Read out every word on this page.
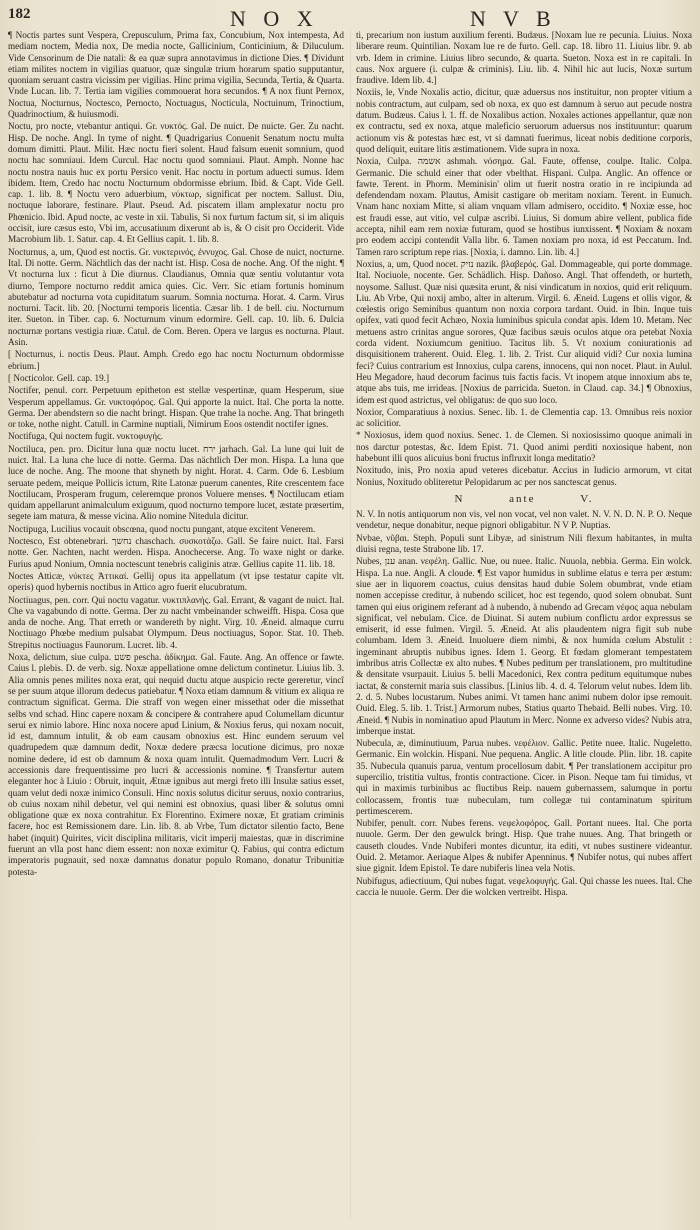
182	N O X	N V B

¶ Noctis partes sunt Vespera, Crepusculum, Prima fax, Concubium, Nox intempesta, Ad mediam noctem, Media nox, De media nocte, Gallicinium, Conticinium, & Diluculum. Vide Censorinum de Die natali: & ea quæ supra annotavimus in dictione Dies. ¶ Dividunt etiam milites noctem in vigilias quatuor, quæ singulæ trium horarum spatio supputantur, quoniam seruant castra vicissim per vigilias. Hinc prima vigilia, Secunda, Tertia, & Quarta. Vnde Lucan. lib. 7. Tertia iam vigilies commouerat hora secundos. ¶ A nox fiunt Pernox, Noctua, Nocturnus, Noctesco, Pernocto, Noctuagus, Nocticula, Noctuinum, Trinoctium, Quadrinoctium, & huiusmodi.

Noctu, pro nocte, vtebantur antiqui. Gr. νυκτός. Gal. De nuict. De nuicte. Ger. Zu nacht. Hisp. De noche. Angl. In tyme of night. ¶ Quadrigarius Conuenit Senatum noctu multa domum dimitti. Plaut. Milit. Hæc noctu fieri solent. Haud falsum euenit somnium, quod noctu hac somniaui. Idem Curcul. Hac noctu quod somniaui. Plaut. Amph. Nonne hac noctu nostra nauis huc ex portu Persico venit. Hac noctu in portum aduecti sumus. Idem ibidem. Item, Credo hac noctu Nocturnum obdormisse ebrium. Ibid. & Capt. Vide Gell. cap. 1. lib. 8. ¶ Noctu vero aduerbium, νύκτωρ, significat per noctem. Sallust. Diu, noctuque laborare, festinare. Plaut. Pseud. Ad. piscatem illam amplexatur noctu pro Phœnicio. Ibid. Apud nocte, ac veste in xii. Tabulis, Si nox furtum factum sit, si im aliquis occisit, iure cæsus esto, Vbi im, accusatiuum dixerunt ab is, & O cisit pro Occiderit. Vide Macrobium lib. 1. Satur. cap. 4. Et Gellius capit. 1. lib. 8.

Nocturnus, a, um, Quod est noctis. Gr. νυκτερινός, ἐννυχος. Gal. Chose de nuict, nocturne. Ital. Di notte. Germ. Nächtlich das der nacht ist. Hisp. Cosa de noche. Ang. Of the night. ¶ Vt nocturna lux : ficut à Die diurnus. Claudianus, Omnia quæ sentiu volutantur vota diurno, Tempore nocturno reddit amica quies. Cic. Verr. Sic etiam fortunis hominum abutebatur ad nocturna vota cupiditatum suarum. Somnia nocturna. Horat. 4. Carm. Virus nocturni. Tacit. lib. 20. [Nocturni temporis licentia. Cæsar lib. 1 de bell. ciu. Nocturnum iter. Sueton. in Tiber. cap. 6. Nocturnum vinum edormire. Gell. cap. 10. lib. 6. Dulcia nocturnæ portans vestigia riuæ. Catul. de Com. Beren. Opera ve largus es nocturna. Plaut. Asin.

[ Nocturnus, i. noctis Deus. Plaut. Amph. Credo ego hac noctu Nocturnum obdormisse ebrium.]

[ Nocticolor. Gell. cap. 19.]

Noctifer, penul. corr. Perpetuum epitheton est stellæ vespertinæ, quam Hesperum, siue Vesperum appellamus. Gr. νυκτοφόρος. Gal. Qui apporte la nuict. Ital. Che porta la notte. Germa. Der abendstern so die nacht bringt. Hispan. Que trahe la noche. Ang. That bringeth or toke, nothe night. Catull. in Carmine nuptiali, Nimirum Eoos ostendit noctifer ignes.

Noctifuga, Qui noctem fugit. νυκτοφυγής.

Noctiluca, pen. pro. Dicitur luna quæ noctu lucet. ירח jarhach. Gal. La lune qui luit de nuict. Ital. La luna che luce di notte. Germa. Das nächtlich Der mon. Hispa. La luna que luce de noche. Ang. The moone that shyneth by night. Horat. 4. Carm. Ode 6. Lesbium seruate pedem, meique Pollicis ictum, Rite Latonæ puerum canentes, Rite crescentem face Noctilucam, Prosperam frugum, celeremque pronos Voluere menses. ¶ Noctilucam etiam quidam appellarunt animalculum exiguum, quod nocturno tempore lucet, æstate præsertim, segete iam matura, & messe vicina. Alio nomine Nitedula dicitur.

Noctipuga, Lucilius vocauit obscœna, quod noctu pungant, atque excitent Venerem.

Noctesco, Est obtenebrari. נחשך chaschach. συσκοτάζω. Gall. Se faire nuict. Ital. Farsi notte. Ger. Nachten, nacht werden. Hispa. Anochecerse. Ang. To waxe night or darke. Furius apud Nonium, Omnia noctescunt tenebris caliginis atræ. Gellius capite 11. lib. 18.

Noctes Atticæ, νύκτες Ἀττικαί. Gellij opus ita appellatum (vt ipse testatur capite vlt. operis) quod hybernis noctibus in Attico agro fuerit elucubratum.

Noctiuagus, pen. corr. Qui noctu vagatur. νυκτιπλανής. Gal. Errant, & vagant de nuict. Ital. Che va vagabundo di notte. Germa. Der zu nacht vmbeinander schweifft. Hispa. Cosa que anda de noche. Ang. That erreth or wandereth by night. Virg. 10. Æneid. almaque curru Noctiuago Phœbe medium pulsabat Olympum. Deus noctiuagus, Sopor. Stat. 10. Theb. Strepitus noctiuagus Faunorum. Lucret. lib. 4.

Noxa, delictum, siue culpa. פשע pescha. ἀδίκημα. Gal. Faute. Ang. An offence or fawte. Caius l. plebis. D. de verb. sig. Noxæ appellatione omne delictum continetur. Liuius lib. 3. Alia omnis penes milites noxa erat, qui nequid ductu atque auspicio recte gereretur, vincî se per suum atque illorum dedecus patiebatur. ¶ Noxa etiam damnum & vitium ex aliqua re contractum significat. Germa. Die straff von wegen einer missethat oder die missethat selbs vnd schad. Hinc capere noxam & concipere & contrahere apud Columellam dicuntur serui ex nimio labore. Hinc noxa nocere apud Linium, & Noxius ferus, qui noxam nocuit, id est, damnum intulit, & ob eam causam obnoxius est. Hinc eundem seruum vel quadrupedem quæ damnum dedit, Noxæ dedere præcsa locutione dicimus, pro noxæ nomine dedere, id est ob damnum & noxa quam intulit. Quemadmodum Verr. Lucri & accessionis dare frequentissime pro lucri & accessionis nomine. ¶ Transfertur autem eleganter hoc à Liuio : Obruit, inquit, Ætnæ ignibus aut mergi freto illi Insulæ satius esset, quam velut dedi noxæ inimico Consuli. Hinc noxis solutus dicitur seruus, noxio contrarius, ob cuius noxam nihil debetur, vel qui nemini est obnoxius, quasi liber & solutus omni obligatione quæ ex noxa contrahitur. Ex Florentino. Eximere noxæ, Et gratiam criminis facere, hoc est Remissionem dare. Lin. lib. 8. ab Vrbe, Tum dictator silentio facto, Bene habet (inquit) Quirites, vicit disciplina militaris, vicit imperij maiestas, quæ in discrimine fuerunt an vlla post hanc diem essent: non noxæ eximitur Q. Fabius, qui contra edictum imperatoris pugnauit, sed noxæ damnatus donatur populo Romano, donatur Tribunitiæ potesta-

ti, precarium non iustum auxilium ferenti. Budæus. [Noxam lue re pecunia. Liuius. Noxa liberare reum. Quintilian. Noxam lue re de furto. Gell. cap. 18. libro 11. Liuius libr. 9. ab vrb. Idem in crimine. Liuius libro secundo, & quarta. Sueton. Noxa est in re capitali. In caus. Nox arguere (i. culpæ & criminis). Liu. lib. 4. Nihil hic aut lucis, Noxæ surtum fraudive. Idem lib. 4.]

Noxiis, le, Vnde Noxalis actio, dicitur, quæ aduersus nos instituitur, non propter vitium a nobis contractum, aut culpam, sed ob noxa, ex quo est damnum à seruo aut pecude nostra datum. Budæus. Caius l. 1. ff. de Noxalibus action. Noxales actiones appellantur, quæ non ex contractu, sed ex noxa, atque maleficio seruorum aduersus nos instituuntur: quarum actionum vis & potestas hæc est, vt si damnati fuerimus, liceat nobis deditione corporis, quod deliquit, euitare litis æstimationem. Vide supra in noxa.

Noxia, Culpa. אשמה ashmah. νόσημα. Gal. Faute, offense, coulpe. Italic. Colpa. Germanic. Die schuld einer that oder vbelthat. Hispani. Culpa. Anglic. An offence or fawte. Terent. in Phorm. Meminisin' olim ut fuerit nostra oratio in re incipiunda ad defendendam noxam. Plautus, Amisit castigare ob meritam noxiam. Terent. in Eunuch. Vnam hanc noxiam Mitte, si aliam vnquam vllam admisero, occidito. ¶ Noxiæ esse, hoc est fraudi esse, aut vitio, vel culpæ ascribi. Liuius, Si domum abire vellent, publica fide accepta, nihil eam rem noxiæ futuram, quod se hostibus iunxissent. ¶ Noxiam & noxam pro eodem accipi contendit Valla libr. 6. Tamen noxiam pro noxa, id est Peccatum. Ind. Tamen raro scriptum repe rias. [Noxia, i. damno. Lin. lib. 4.]

Noxius, a, um, Quod nocet. נזיק nazik. βλαβερός. Gal. Dommageable, qui porte dommage. Ital. Nociuole, nocente. Ger. Schädlich. Hisp. Dañoso. Angl. That offendeth, or hurteth, noysome. Sallust. Quæ nisi quæsita erunt, & nisi vindicatum in noxios, quid erit reliquum. Liu. Ab Vrbe, Qui noxij ambo, alter in alterum. Virgil. 6. Æneid. Lugens et ollis vigor, & cœlestis origo Seminibus quantum non noxia corpora tardant. Ouid. in Ibin. Inque tuis opifex, vati quod fecit Achæo, Noxia luminibus spicula condat apis. Idem 10. Metam. Nec metuens astro crinitas angue sorores, Quæ facibus sæuis oculos atque ora petebat Noxia corda vident. Noxiumcum genitiuo. Tacitus lib. 5. Vt noxium coniurationis ad disquisitionem traherent. Ouid. Eleg. 1. lib. 2. Trist. Cur aliquid vidi? Cur noxia lumina feci? Cuius contrarium est Innoxius, culpa carens, innocens, qui non nocet. Plaut. in Aulul. Heu Megadore, haud decorum facinus tuis factis facis. Vt inopem atque innoxium abs te, atque abs tuis, me irrideas. [Noxius de parricida. Sueton. in Claud. cap. 34.] ¶ Obnoxius, idem est quod astrictus, vel obligatus: de quo suo loco.

Noxior, Comparatiuus à noxius. Senec. lib. 1. de Clementia cap. 13. Omnibus reis noxior ac solicitior.

* Noxiosus, idem quod noxius. Senec. 1. de Clemen. Si noxiosissimo quoque animali in nos darctur potestas, &c. Idem Epist. 71. Quod animi perditi noxiosique habent, non habebunt illi quos alicuius boni fructus inflruxit longa meditatio?

Noxitudo, inis, Pro noxia apud veteres dicebatur. Accius in Iudicio armorum, vt citat Nonius, Noxitudo obliteretur Pelopidarum ac per nos sanctescat genus.

N	ante	V.

N. V. In notis antiquorum non vis, vel non vocat, vel non valet. N. V. N. D. N. P. O. Neque vendetur, neque donabitur, neque pignori obligabitur. N V P. Nuptias.

Nvbae, νῦβαι. Steph. Populi sunt Libyæ, ad sinistrum Nili flexum habitantes, in multa diuisi regna, teste Strabone lib. 17.

Nubes, ענן anan. νεφέλη. Gallic. Nue, ou nuee. Italic. Nuuola, nebbia. Germa. Ein wolck. Hispa. La nue. Angli. A cloude. ¶ Est vapor humidus in sublime elatus e terra per æstum: siue aer in liquorem coactus, cuius densitas haud dubie Solem obumbrat, vnde etiam nomen accepisse creditur, à nubendo scilicet, hoc est tegendo, quod solem obnubat. Sunt tamen qui eius originem referant ad à nubendo, à nubendo ad Grecam νέφος aqua nebulam significat, vel nebulam. Cice. de Diuinat. Si autem nubium conflictu ardor expressus se emiserit, id esse fulmen. Virgil. 5. Æneid. At alis plaudentem nigra figit sub nube columbam. Idem 3. Æneid. Inuoluere diem nimbi, & nox humida cœlum Abstulit : ingeminant abruptis nubibus ignes. Idem 1. Georg. Et fœdam glomerant tempestatem imbribus atris Collectæ ex alto nubes. ¶ Nubes peditum per translationem, pro multitudine & densitate vsurpauit. Liuius 5. belli Macedonici, Rex contra peditum equitumque nubes iactat, & consternit maria suis classibus. [Linius lib. 4. d. 4. Telorum velut nubes. Idem lib. 2. d. 5. Nubes locustarum. Nubes animi. Vt tamen hanc animi nubem dolor ipse remouit. Ouid. Eleg. 5. lib. 1. Trist.] Armorum nubes, Statius quarto Thebaid. Belli nubes. Virg. 10. Æneid. ¶ Nubis in nominatiuo apud Plautum in Merc. Nonne ex adverso vides? Nubis atra, imberque instat.

Nubecula, æ, diminutiuum, Parua nubes. νεφέλιον. Gallic. Petite nuee. Italic. Nugeletto. Germanic. Ein wolckin. Hispani. Nue pequena. Anglic. A litle cloude. Plin. libr. 18. capite 35. Nubecula quanuis parua, ventum procellosum dabit. ¶ Per translationem accipitur pro supercilio, tristitia vultus, frontis contractione. Cicer. in Pison. Neque tam fui timidus, vt qui in maximis turbinibus ac fluctibus Reip. nauem gubernassem, salumque in portu collocassem, frontis tuæ nubeculam, tum collegæ tui contaminatum spiritum pertimescerem.

Nubifer, penult. corr. Nubes ferens. νεφελοφόρος. Gall. Portant nuees. Ital. Che porta nuuole. Germ. Der den gewulck bringt. Hisp. Que trahe nuues. Ang. That bringeth or causeth cloudes. Vnde Nubiferi montes dicuntur, ita editi, vt nubes sustinere videantur. Ouid. 2. Metamor. Aeriaque Alpes & nubifer Apenninus. ¶ Nubifer notus, qui nubes affert siue gignit. Idem Epistol. Te dare nubiferis linea vela Notis.

Nubifugus, adiectiuum, Qui nubes fugat. νεφελοφυγής. Gal. Qui chasse les nuees. Ital. Che caccia le nuuole. Germ. Der die wolcken vertreibt. Hispa.
